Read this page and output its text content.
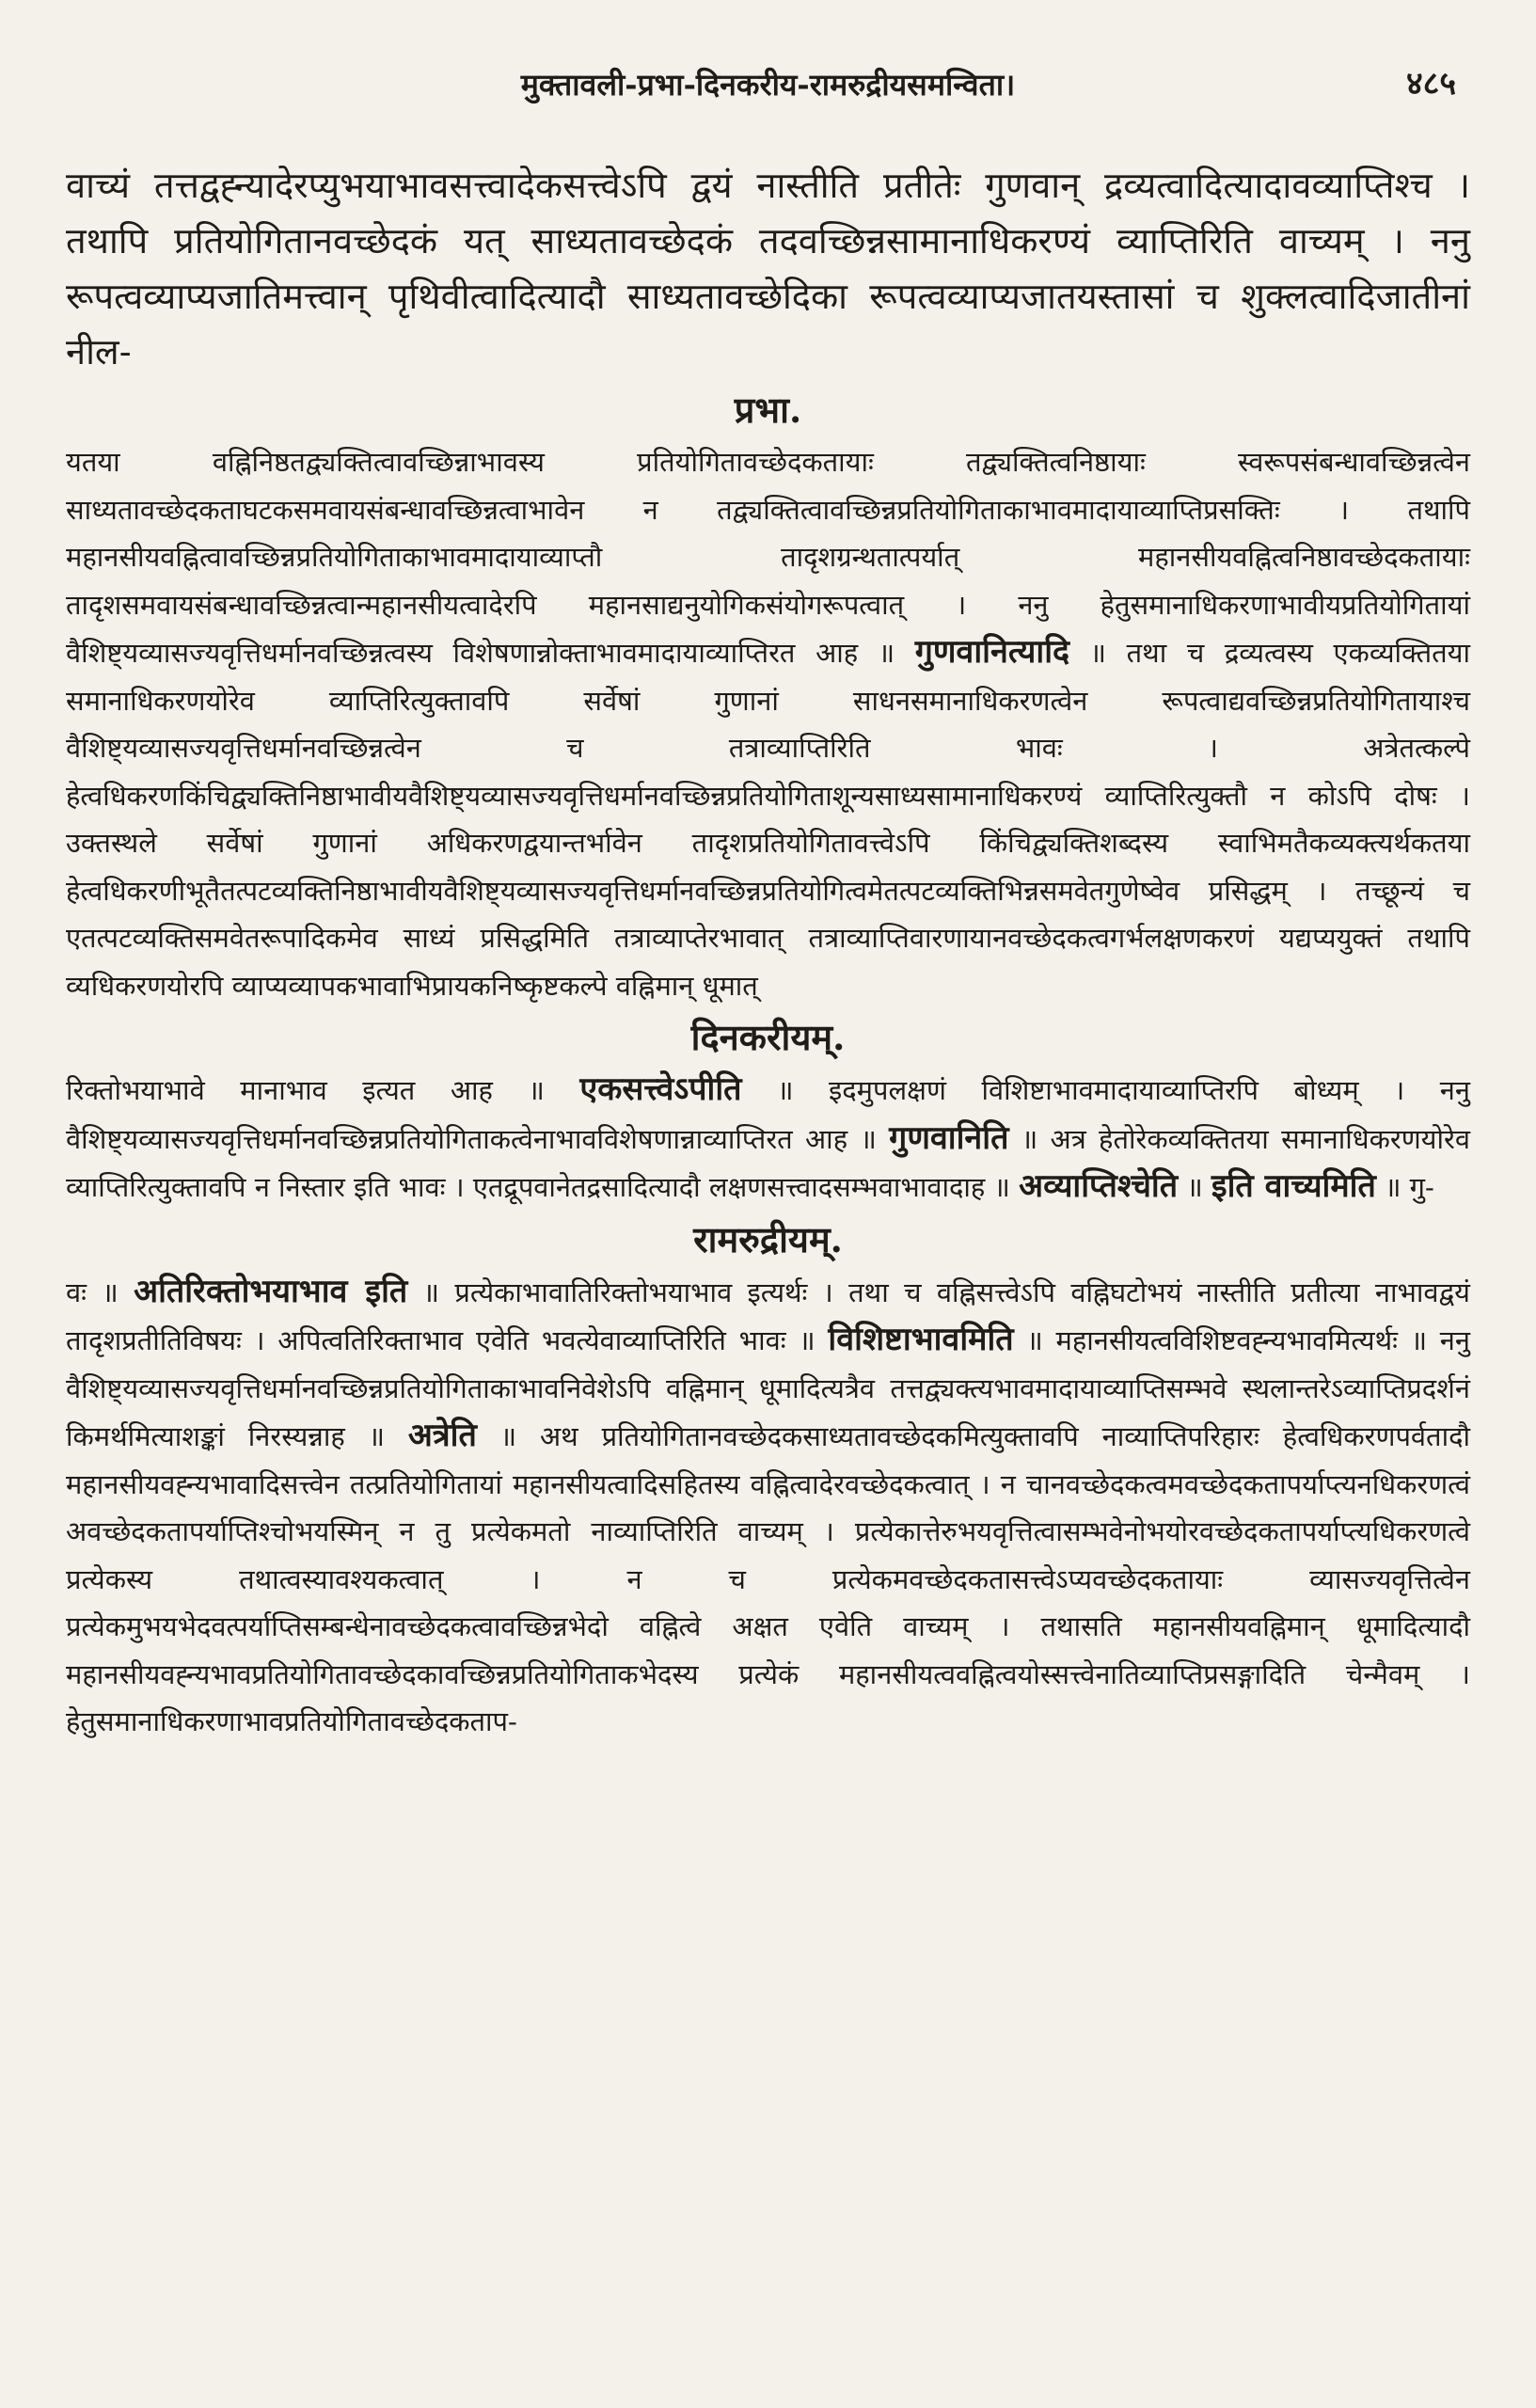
मुक्तावली-प्रभा-दिनकरीय-रामरुद्रीयसमन्विता।	४८५

वाच्यं तत्तद्वह्न्यादेरप्युभयाभावसत्त्वादेकसत्त्वेऽपि द्वयं नास्तीति प्रतीतेः गुणवान् द्रव्यत्वादित्यादावव्याप्तिश्च । तथापि प्रतियोगितानवच्छेदकं यत् साध्यतावच्छेदकं तदवच्छिन्नसामानाधिकरण्यं व्याप्तिरिति वाच्यम् । ननु रूपत्वव्याप्यजातिमत्त्वान् पृथिवीत्वादित्यादौ साध्यतावच्छेदिका रूपत्वव्याप्यजातयस्तासां च शुक्लत्वादिजातीनां नील-

प्रभा.

यतया वह्निनिष्ठतद्व्यक्तित्वावच्छिन्नाभावस्य प्रतियोगितावच्छेदकतायाः तद्व्यक्तित्वनिष्ठायाः स्वरूपसंबन्धावच्छिन्नत्वेन साध्यतावच्छेदकताघटकसमवायसंबन्धावच्छिन्नत्वाभावेन न तद्व्यक्तित्वावच्छिन्नप्रतियोगिताकाभावमादायाव्याप्तिप्रसक्तिः । तथापि महानसीयवह्नित्वावच्छिन्नप्रतियोगिताकाभावमादायाव्याप्तौ तादृशग्रन्थतात्पर्यात् महानसीयवह्नित्वनिष्ठावच्छेदकतायाः तादृशसमवायसंबन्धावच्छिन्नत्वान्महानसीयत्वादेरपि महानसाद्यनुयोगिकसंयोगरूपत्वात् । ननु हेतुसमानाधिकरणाभावीयप्रतियोगितायां वैशिष्ट्यव्यासज्यवृत्तिधर्मानवच्छिन्नत्वस्य विशेषणान्नोक्ताभावमादायाव्याप्तिरत आह ॥ गुणवानित्यादि ॥ तथा च द्रव्यत्वस्य एकव्यक्तितया समानाधिकरणयोरेव व्याप्तिरित्युक्तावपि सर्वेषां गुणानां साधनसमानाधिकरणत्वेन रूपत्वाद्यवच्छिन्नप्रतियोगितायाश्च वैशिष्ट्यव्यासज्यवृत्तिधर्मानवच्छिन्नत्वेन च तत्राव्याप्तिरिति भावः । अत्रेतत्कल्पे हेत्वधिकरणकिंचिद्व्यक्तिनिष्ठाभावीयवैशिष्ट्यव्यासज्यवृत्तिधर्मानवच्छिन्नप्रतियोगिताशून्यसाध्यसामानाधिकरण्यं व्याप्तिरित्युक्तौ न कोऽपि दोषः । उक्तस्थले सर्वेषां गुणानां अधिकरणद्वयान्तर्भावेन तादृशप्रतियोगितावत्त्वेऽपि किंचिद्व्यक्तिशब्दस्य स्वाभिमतैकव्यक्त्यर्थकतया हेत्वधिकरणीभूतैतत्पटव्यक्तिनिष्ठाभावीयवैशिष्ट्यव्यासज्यवृत्तिधर्मानवच्छिन्नप्रतियोगित्वमेतत्पटव्यक्तिभिन्नसमवेतगुणेष्वेव प्रसिद्धम् । तच्छून्यं च एतत्पटव्यक्तिसमवेतरूपादिकमेव साध्यं प्रसिद्धमिति तत्राव्याप्तेरभावात् तत्राव्याप्तिवारणायानवच्छेदकत्वगर्भलक्षणकरणं यद्यप्ययुक्तं तथापि व्यधिकरणयोरपि व्याप्यव्यापकभावाभिप्रायकनिष्कृष्टकल्पे वह्निमान् धूमात्

दिनकरीयम्.

रिक्तोभयाभावे मानाभाव इत्यत आह ॥ एकसत्त्वेऽपीति ॥ इदमुपलक्षणं विशिष्टाभावमादायाव्याप्तिरपि बोध्यम् । ननु वैशिष्ट्यव्यासज्यवृत्तिधर्मानवच्छिन्नप्रतियोगिताकत्वेनाभावविशेषणान्नाव्याप्तिरत आह ॥ गुणवानिति ॥ अत्र हेतोरेकव्यक्तितया समानाधिकरणयोरेव व्याप्तिरित्युक्तावपि न निस्तार इति भावः । एतद्रूपवानेतद्रसादित्यादौ लक्षणसत्त्वादसम्भवाभावादाह ॥ अव्याप्तिश्चेति ॥ इति वाच्यमिति ॥ गु-

रामरुद्रीयम्.

वः ॥ अतिरिक्तोभयाभाव इति ॥ प्रत्येकाभावातिरिक्तोभयाभाव इत्यर्थः । तथा च वह्निसत्त्वेऽपि वह्निघटोभयं नास्तीति प्रतीत्या नाभावद्वयं तादृशप्रतीतिविषयः । अपित्वतिरिक्ताभाव एवेति भवत्येवाव्याप्तिरिति भावः ॥ विशिष्टाभावमिति ॥ महानसीयत्वविशिष्टवह्न्यभावमित्यर्थः ॥ ननु वैशिष्ट्यव्यासज्यवृत्तिधर्मानवच्छिन्नप्रतियोगिताकाभावनिवेशेऽपि वह्निमान् धूमादित्यत्रैव तत्तद्व्यक्त्यभावमादायाव्याप्तिसम्भवे स्थलान्तरेऽव्याप्तिप्रदर्शनं किमर्थमित्याशङ्कां निरस्यन्नाह ॥ अत्रेति ॥ अथ प्रतियोगितानवच्छेदकसाध्यतावच्छेदकमित्युक्तावपि नाव्याप्तिपरिहारः हेत्वधिकरणपर्वतादौ महानसीयवह्न्यभावादिसत्त्वेन तत्प्रतियोगितायां महानसीयत्वादिसहितस्य वह्नित्वादेरवच्छेदकत्वात् । न चानवच्छेदकत्वमवच्छेदकतापर्याप्त्यनधिकरणत्वं अवच्छेदकतापर्याप्तिश्चोभयस्मिन् न तु प्रत्येकमतो नाव्याप्तिरिति वाच्यम् । प्रत्येकात्तेरुभयवृत्तित्वासम्भवेनोभयोरवच्छेदकतापर्याप्त्यधिकरणत्वे प्रत्येकस्य तथात्वस्यावश्यकत्वात् । न च प्रत्येकमवच्छेदकतासत्त्वेऽप्यवच्छेदकतायाः व्यासज्यवृत्तित्वेन प्रत्येकमुभयभेदवत्पर्याप्तिसम्बन्धेनावच्छेदकत्वावच्छिन्नभेदो वह्नित्वे अक्षत एवेति वाच्यम् । तथासति महानसीयवह्निमान् धूमादित्यादौ महानसीयवह्न्यभावप्रतियोगितावच्छेदकावच्छिन्नप्रतियोगिताकभेदस्य प्रत्येकं महानसीयत्ववह्नित्वयोस्सत्त्वेनातिव्याप्तिप्रसङ्गादिति चेन्मैवम् । हेतुसमानाधिकरणाभावप्रतियोगितावच्छेदकताप-
